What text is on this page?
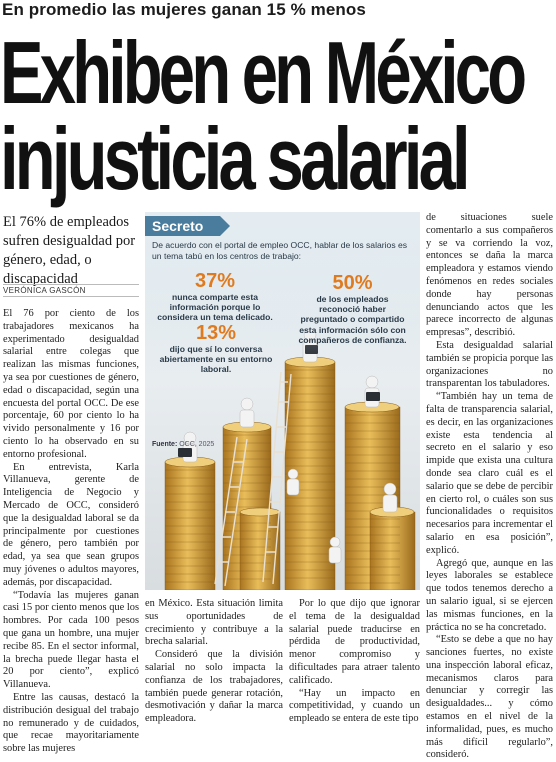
En promedio las mujeres ganan 15 % menos
Exhiben en México
injusticia salarial
El 76% de empleados sufren desigualdad por género, edad, o discapacidad
VERÓNICA GASCÓN

El 76 por ciento de los trabajadores mexicanos ha experimentado desigualdad salarial entre colegas que realizan las mismas funciones, ya sea por cuestiones de género, edad o discapacidad, según una encuesta del portal OCC. De ese porcentaje, 60 por ciento lo ha vivido personalmente y 16 por ciento lo ha observado en su entorno profesional.

En entrevista, Karla Villanueva, gerente de Inteligencia de Negocio y Mercado de OCC, consideró que la desigualdad laboral se da principalmente por cuestiones de género, pero también por edad, ya sea que sean grupos muy jóvenes o adultos mayores, además, por discapacidad.

“Todavía las mujeres ganan casi 15 por ciento menos que los hombres. Por cada 100 pesos que gana un hombre, una mujer recibe 85. En el sector informal, la brecha puede llegar hasta el 20 por ciento”, explicó Villanueva.

Entre las causas, destacó la distribución desigual del trabajo no remunerado y de cuidados, que recae mayoritariamente sobre las mujeres

Secreto
De acuerdo con el portal de empleo OCC, hablar de los salarios es un tema tabú en los centros de trabajo:
37%
nunca comparte esta información porque lo considera un tema delicado.
50%
de los empleados reconoció haber preguntado o compartido esta información sólo con compañeros de confianza.
13%
dijo que sí lo conversa abiertamente en su entorno laboral.
Fuente: OCC, 2025

en México. Esta situación limita sus oportunidades de crecimiento y contribuye a la brecha salarial.

Consideró que la división salarial no solo impacta la confianza de los trabajadores, también puede generar rotación, desmotivación y dañar la marca empleadora.

Por lo que dijo que ignorar el tema de la desigualdad salarial puede traducirse en pérdida de productividad, menor compromiso y dificultades para atraer talento calificado.

“Hay un impacto en competitividad, y cuando un empleado se entera de este tipo

de situaciones suele comentarlo a sus compañeros y se va corriendo la voz, entonces se daña la marca empleadora y estamos viendo fenómenos en redes sociales donde hay personas denunciando actos que les parece incorrecto de algunas empresas”, describió.

Esta desigualdad salarial también se propicia porque las organizaciones no transparentan los tabuladores.

“También hay un tema de falta de transparencia salarial, es decir, en las organizaciones existe esta tendencia al secreto en el salario y eso impide que exista una cultura donde sea claro cuál es el salario que se debe de percibir en cierto rol, o cuáles son sus funcionalidades o requisitos necesarios para incrementar el salario en esa posición”, explicó.

Agregó que, aunque en las leyes laborales se establece que todos tenemos derecho a un salario igual, si se ejercen las mismas funciones, en la práctica no se ha concretado.

“Esto se debe a que no hay sanciones fuertes, no existe una inspección laboral eficaz, mecanismos claros para denunciar y corregir las desigualdades... y cómo estamos en el nivel de la informalidad, pues, es mucho más difícil regularlo”, consideró.
